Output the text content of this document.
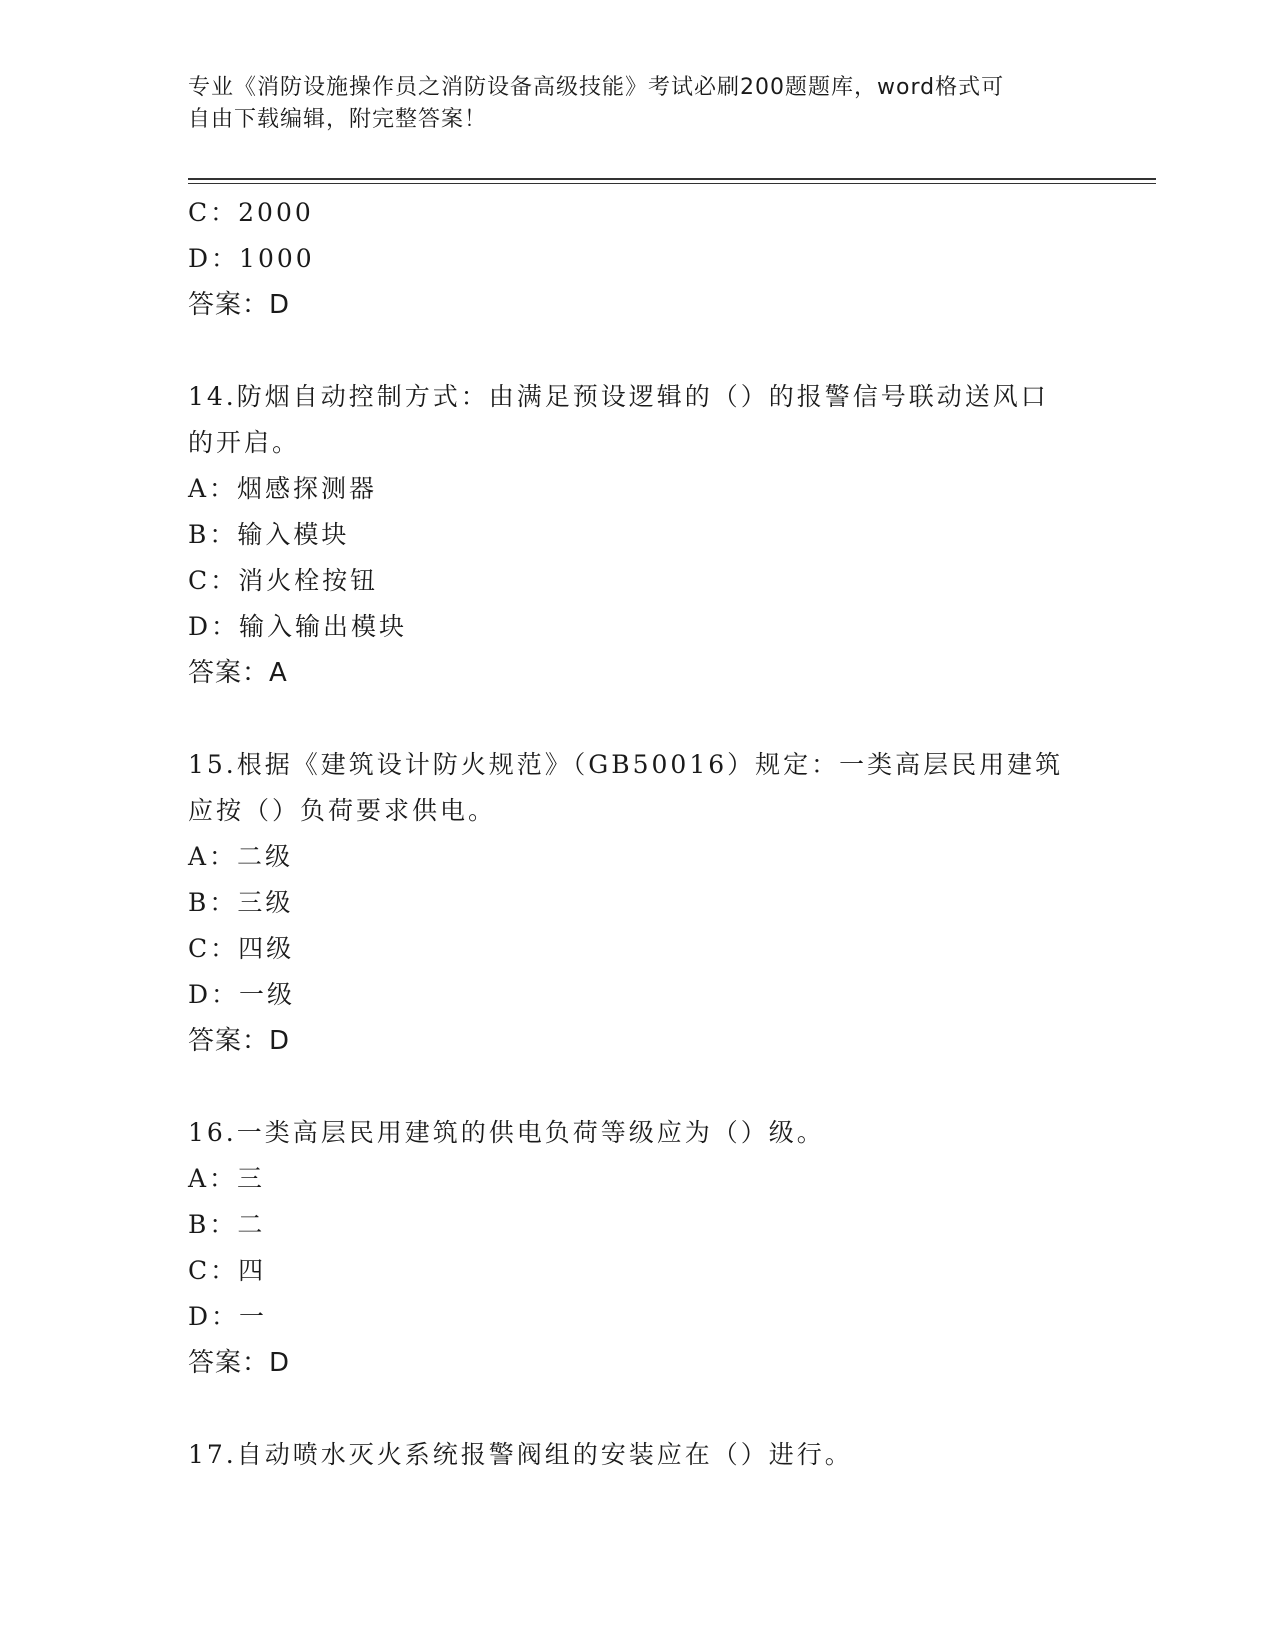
专业《消防设施操作员之消防设备高级技能》考试必刷200题题库，word格式可
自由下载编辑，附完整答案！
C：2000
D：1000
答案：D
14.防烟自动控制方式：由满足预设逻辑的（）的报警信号联动送风口
的开启。
A：烟感探测器
B：输入模块
C：消火栓按钮
D：输入输出模块
答案：A
15.根据《建筑设计防火规范》（GB50016）规定：一类高层民用建筑
应按（）负荷要求供电。
A：二级
B：三级
C：四级
D：一级
答案：D
16.一类高层民用建筑的供电负荷等级应为（）级。
A：三
B：二
C：四
D：一
答案：D
17.自动喷水灭火系统报警阀组的安装应在（）进行。
